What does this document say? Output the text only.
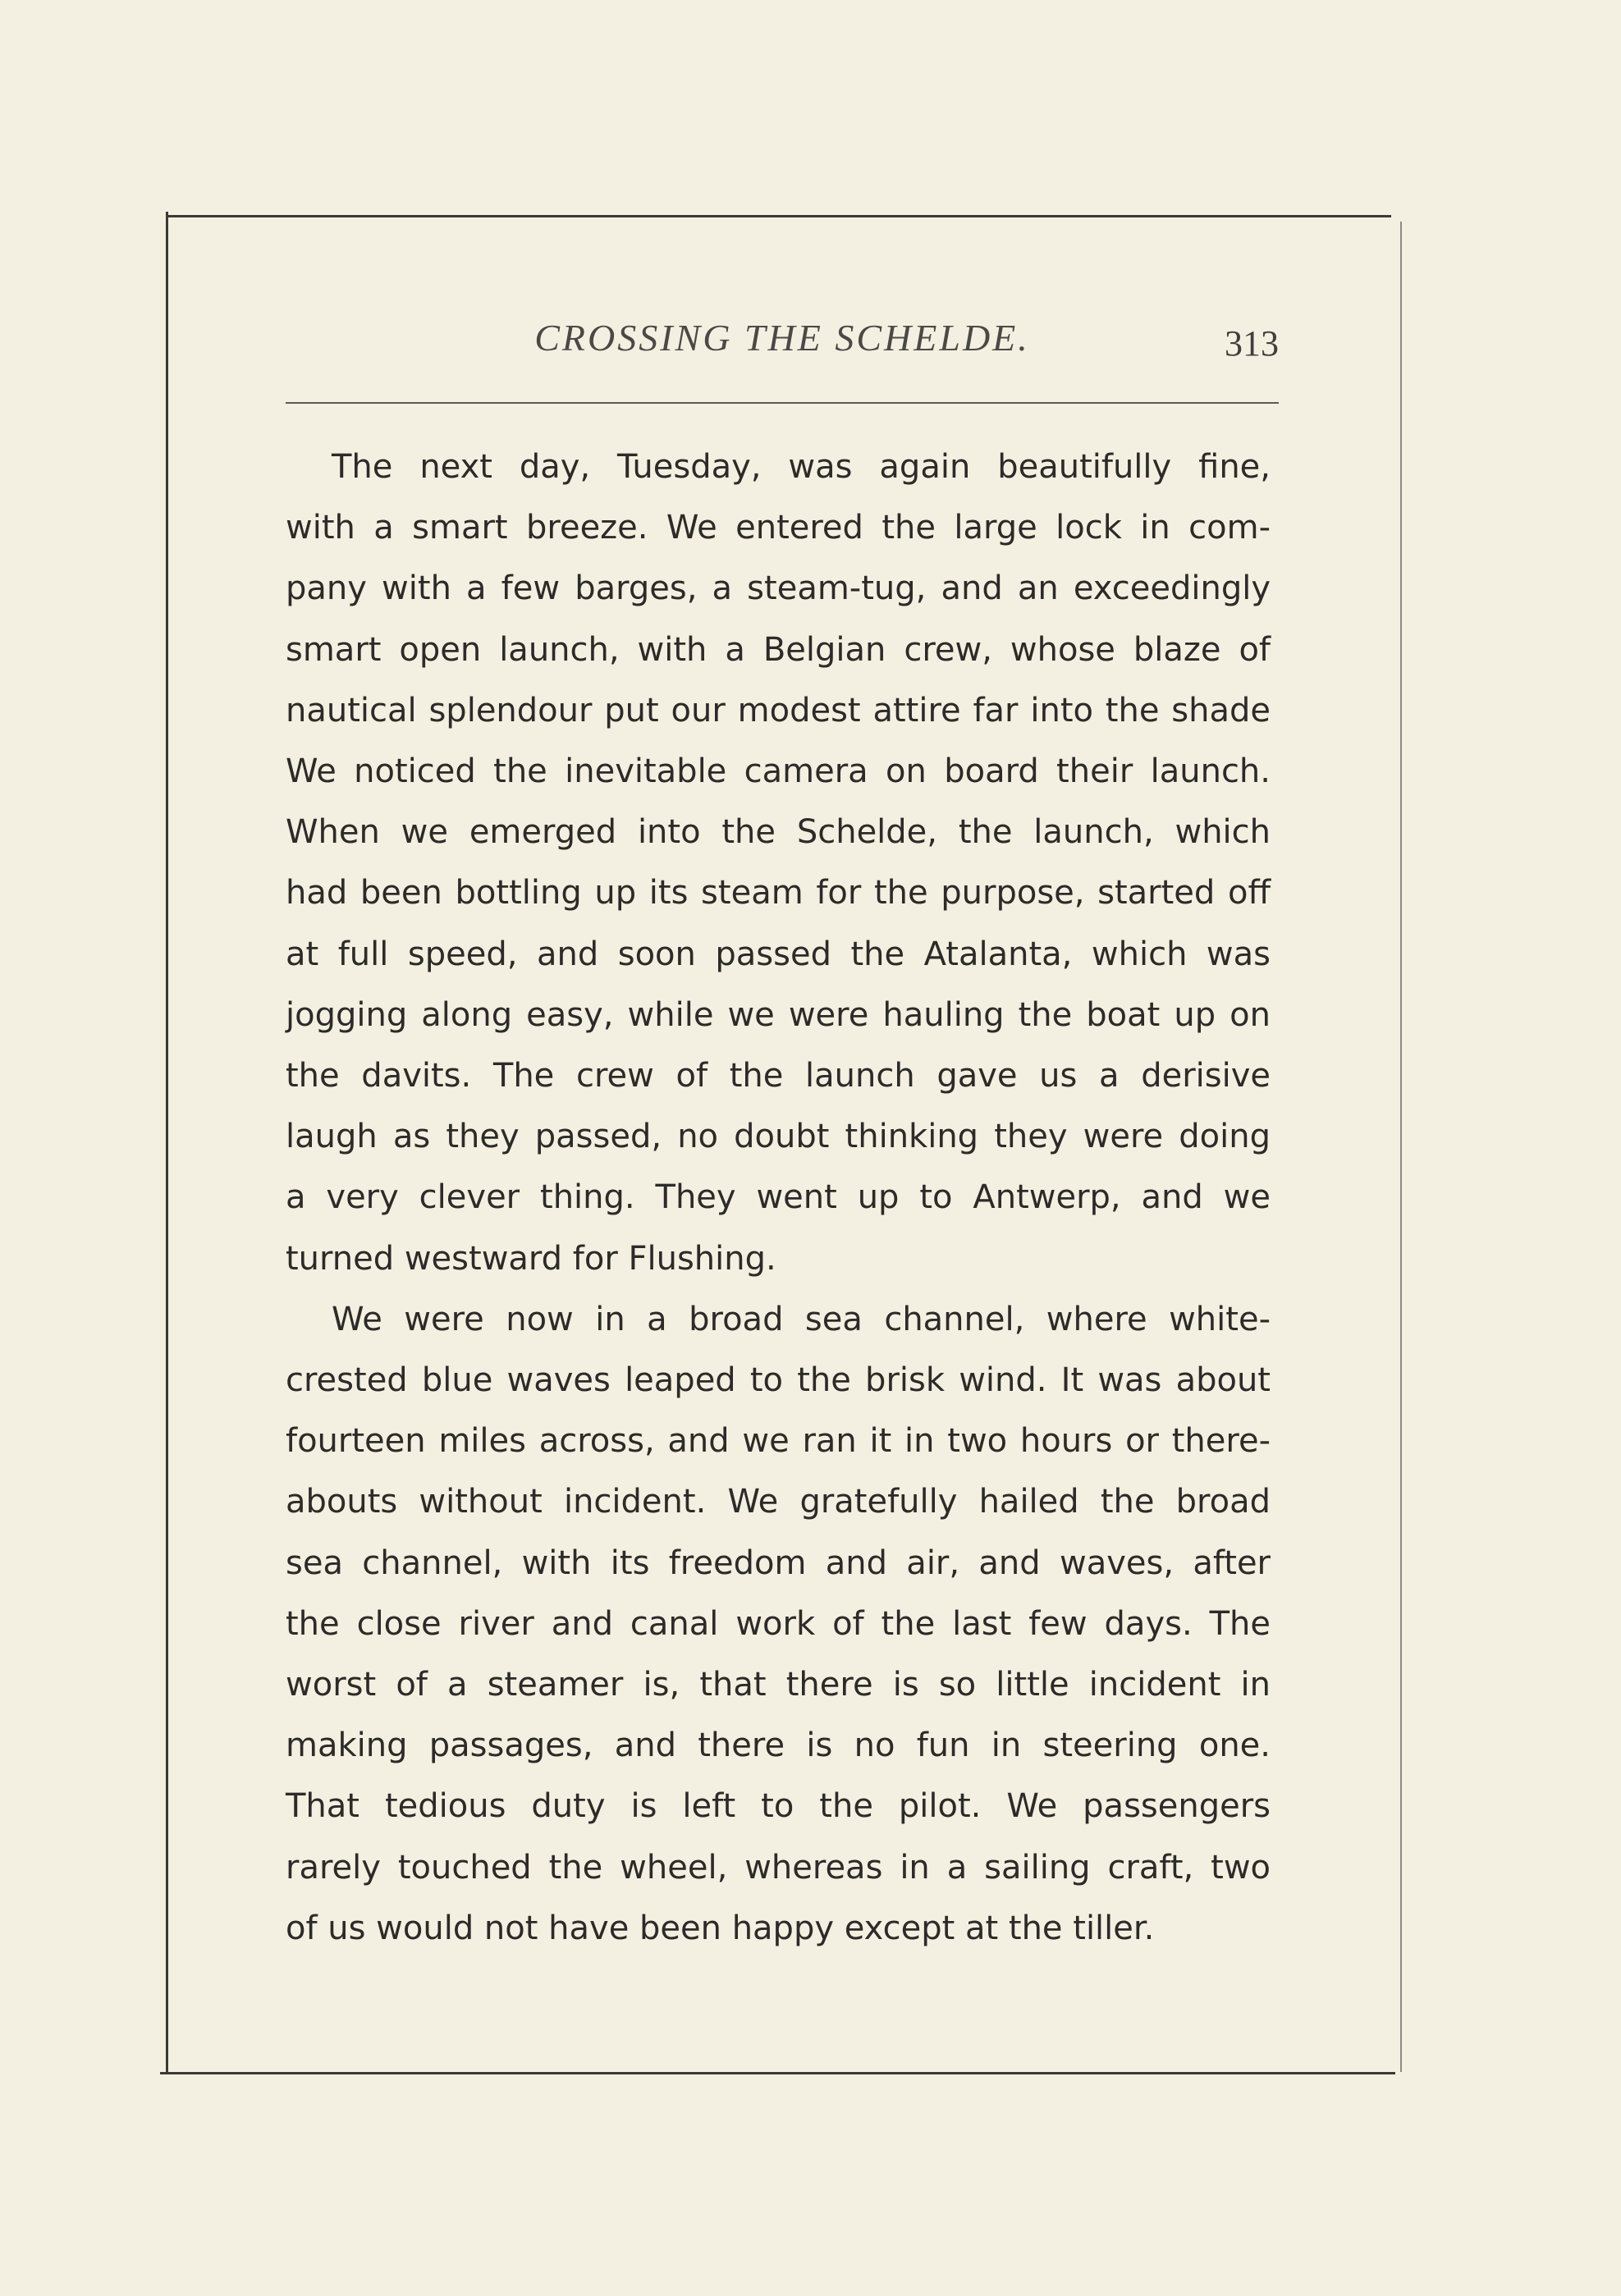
CROSSING THE SCHELDE.	313
The next day, Tuesday, was again beautifully fine,
with a smart breeze. We entered the large lock in com-
pany with a few barges, a steam-tug, and an exceedingly
smart open launch, with a Belgian crew, whose blaze of
nautical splendour put our modest attire far into the shade
We noticed the inevitable camera on board their launch.
When we emerged into the Schelde, the launch, which
had been bottling up its steam for the purpose, started off
at full speed, and soon passed the Atalanta, which was
jogging along easy, while we were hauling the boat up on
the davits. The crew of the launch gave us a derisive
laugh as they passed, no doubt thinking they were doing
a very clever thing. They went up to Antwerp, and we
turned westward for Flushing.
We were now in a broad sea channel, where white-
crested blue waves leaped to the brisk wind. It was about
fourteen miles across, and we ran it in two hours or there-
abouts without incident. We gratefully hailed the broad
sea channel, with its freedom and air, and waves, after
the close river and canal work of the last few days. The
worst of a steamer is, that there is so little incident in
making passages, and there is no fun in steering one.
That tedious duty is left to the pilot. We passengers
rarely touched the wheel, whereas in a sailing craft, two
of us would not have been happy except at the tiller.
